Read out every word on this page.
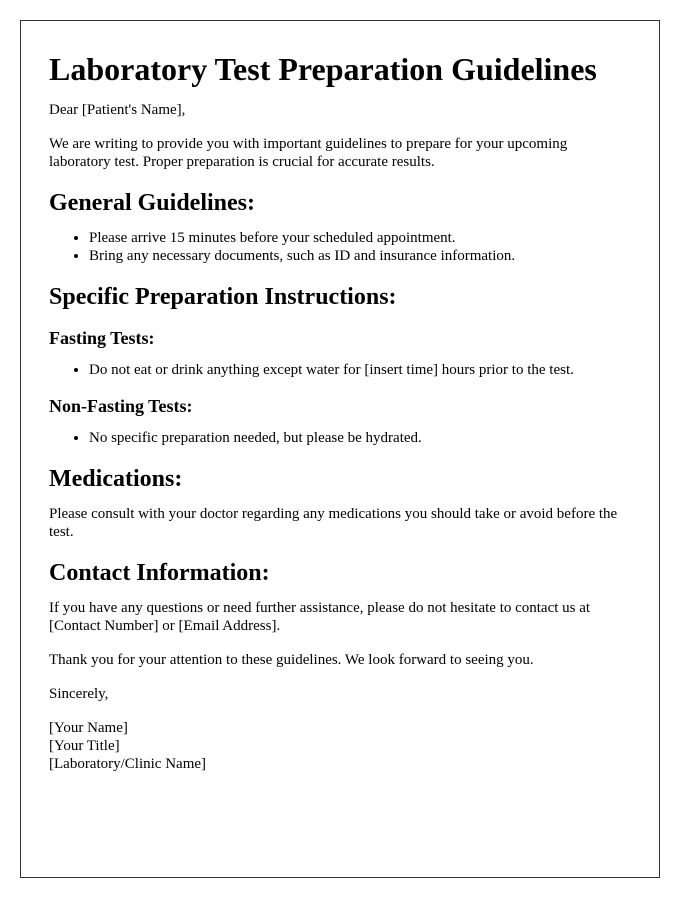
Laboratory Test Preparation Guidelines

Dear [Patient's Name],

We are writing to provide you with important guidelines to prepare for your upcoming laboratory test. Proper preparation is crucial for accurate results.

General Guidelines:
• Please arrive 15 minutes before your scheduled appointment.
• Bring any necessary documents, such as ID and insurance information.
Specific Preparation Instructions:
Fasting Tests:
• Do not eat or drink anything except water for [insert time] hours prior to the test.
Non-Fasting Tests:
• No specific preparation needed, but please be hydrated.
Medications:

Please consult with your doctor regarding any medications you should take or avoid before the test.

Contact Information:

If you have any questions or need further assistance, please do not hesitate to contact us at [Contact Number] or [Email Address].

Thank you for your attention to these guidelines. We look forward to seeing you.

Sincerely,

[Your Name]
[Your Title]
[Laboratory/Clinic Name]
